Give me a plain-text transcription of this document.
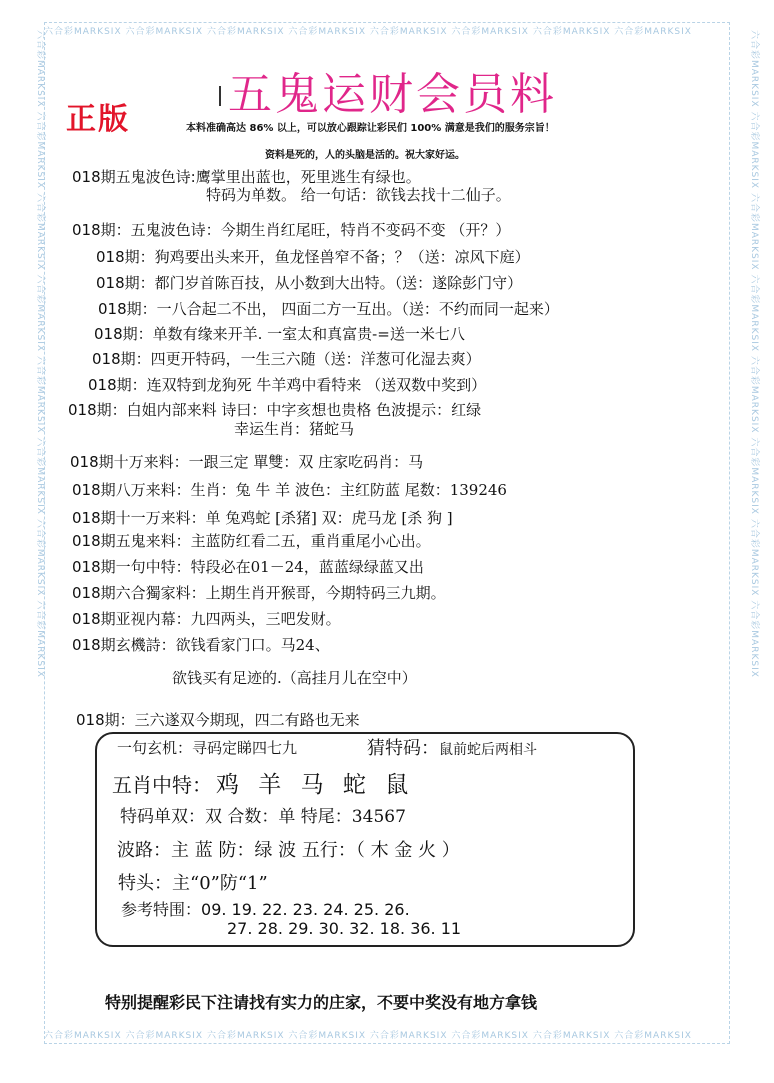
六合彩MARKSIX 六合彩MARKSIX 六合彩MARKSIX 六合彩MARKSIX 六合彩MARKSIX 六合彩MARKSIX 六合彩MARKSIX 六合彩MARKSIX
六合彩MARKSIX 六合彩MARKSIX 六合彩MARKSIX 六合彩MARKSIX 六合彩MARKSIX 六合彩MARKSIX 六合彩MARKSIX 六合彩MARKSIX
六合彩MARKSIX 六合彩MARKSIX 六合彩MARKSIX 六合彩MARKSIX 六合彩MARKSIX 六合彩MARKSIX 六合彩MARKSIX 六合彩MARKSIX	六合彩MARKSIX 六合彩MARKSIX 六合彩MARKSIX 六合彩MARKSIX 六合彩MARKSIX 六合彩MARKSIX 六合彩MARKSIX 六合彩MARKSIX
正版 五鬼运财会员料
本料准确高达 86% 以上，可以放心跟踪让彩民们 100% 满意是我们的服务宗旨！
资料是死的，人的头脑是活的。祝大家好运。
018期五鬼波色诗:鹰掌里出蓝也，死里逃生有绿也。
特码为单数。 给一句话：欲钱去找十二仙子。
018期：五鬼波色诗：今期生肖红尾旺，特肖不变码不变 （开？）
018期：狗鸡要出头来开，鱼龙怪兽窄不备；？（送：凉风下庭）
018期：都门岁首陈百技，从小数到大出特。（送：遂除彭门守）
018期：一八合起二不出， 四面二方一互出。（送：不约而同一起来）
018期：单数有缘来开羊. 一室太和真富贵-=送一米七八
018期：四更开特码，一生三六随（送：洋葱可化湿去爽）
018期：连双特到龙狗死 牛羊鸡中看特来 （送双数中奖到）
018期：白姐内部来料 诗曰：中字亥想也贵格 色波提示：红绿
幸运生肖：猪蛇马
018期十万来料：一跟三定 單雙：双 庄家吃码肖：马
018期八万来料：生肖：兔 牛 羊 波色：主红防蓝 尾数：139246
018期十一万来料：单 兔鸡蛇 [杀猪] 双：虎马龙 [杀 狗 ]
018期五鬼来料：主蓝防红看二五，重肖重尾小心出。
018期一句中特：特段必在01－24，蓝蓝绿绿蓝又出
018期六合獨家料：上期生肖开猴哥，今期特码三九期。
018期亚视内幕：九四两头，三吧发财。
018期玄機詩：欲钱看家门口。马24、
欲钱买有足迹的.（高挂月儿在空中）
018期：三六遂双今期现，四二有路也无来
一句玄机：寻码定睇四七九	猜特码：鼠前蛇后两相斗
五肖中特： 鸡 羊 马 蛇 鼠
特码单双：双 合数：单 特尾：34567
波路：主 蓝 防：绿 波 五行：（ 木 金 火 ）
特头：主“0”防“1”
参考特围：09. 19. 22. 23. 24. 25. 26.
27. 28. 29. 30. 32. 18. 36. 11
特别提醒彩民下注请找有实力的庄家，不要中奖没有地方拿钱
